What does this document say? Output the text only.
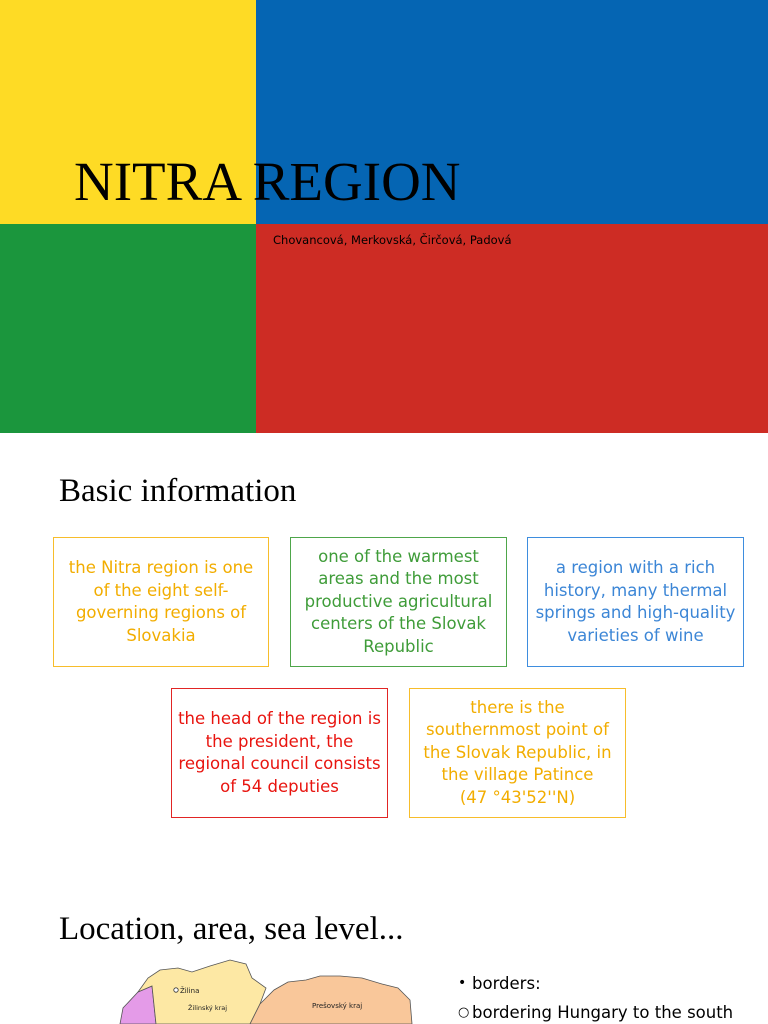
NITRA REGION
Chovancová, Merkovská, Čirčová, Padová
Basic information
the Nitra region is one of the eight self-governing regions of Slovakia
one of the warmest areas and the most productive agricultural centers of the Slovak Republic
a region with a rich history, many thermal springs and high-quality varieties of wine
the head of the region is the president, the regional council consists of 54 deputies
there is the southernmost point of the Slovak Republic, in the village Patince
(47 °43'52''N)
Location, area, sea level...
Žilina
Žilinský kraj	Prešovský kraj
• borders:
○ bordering Hungary to the south
